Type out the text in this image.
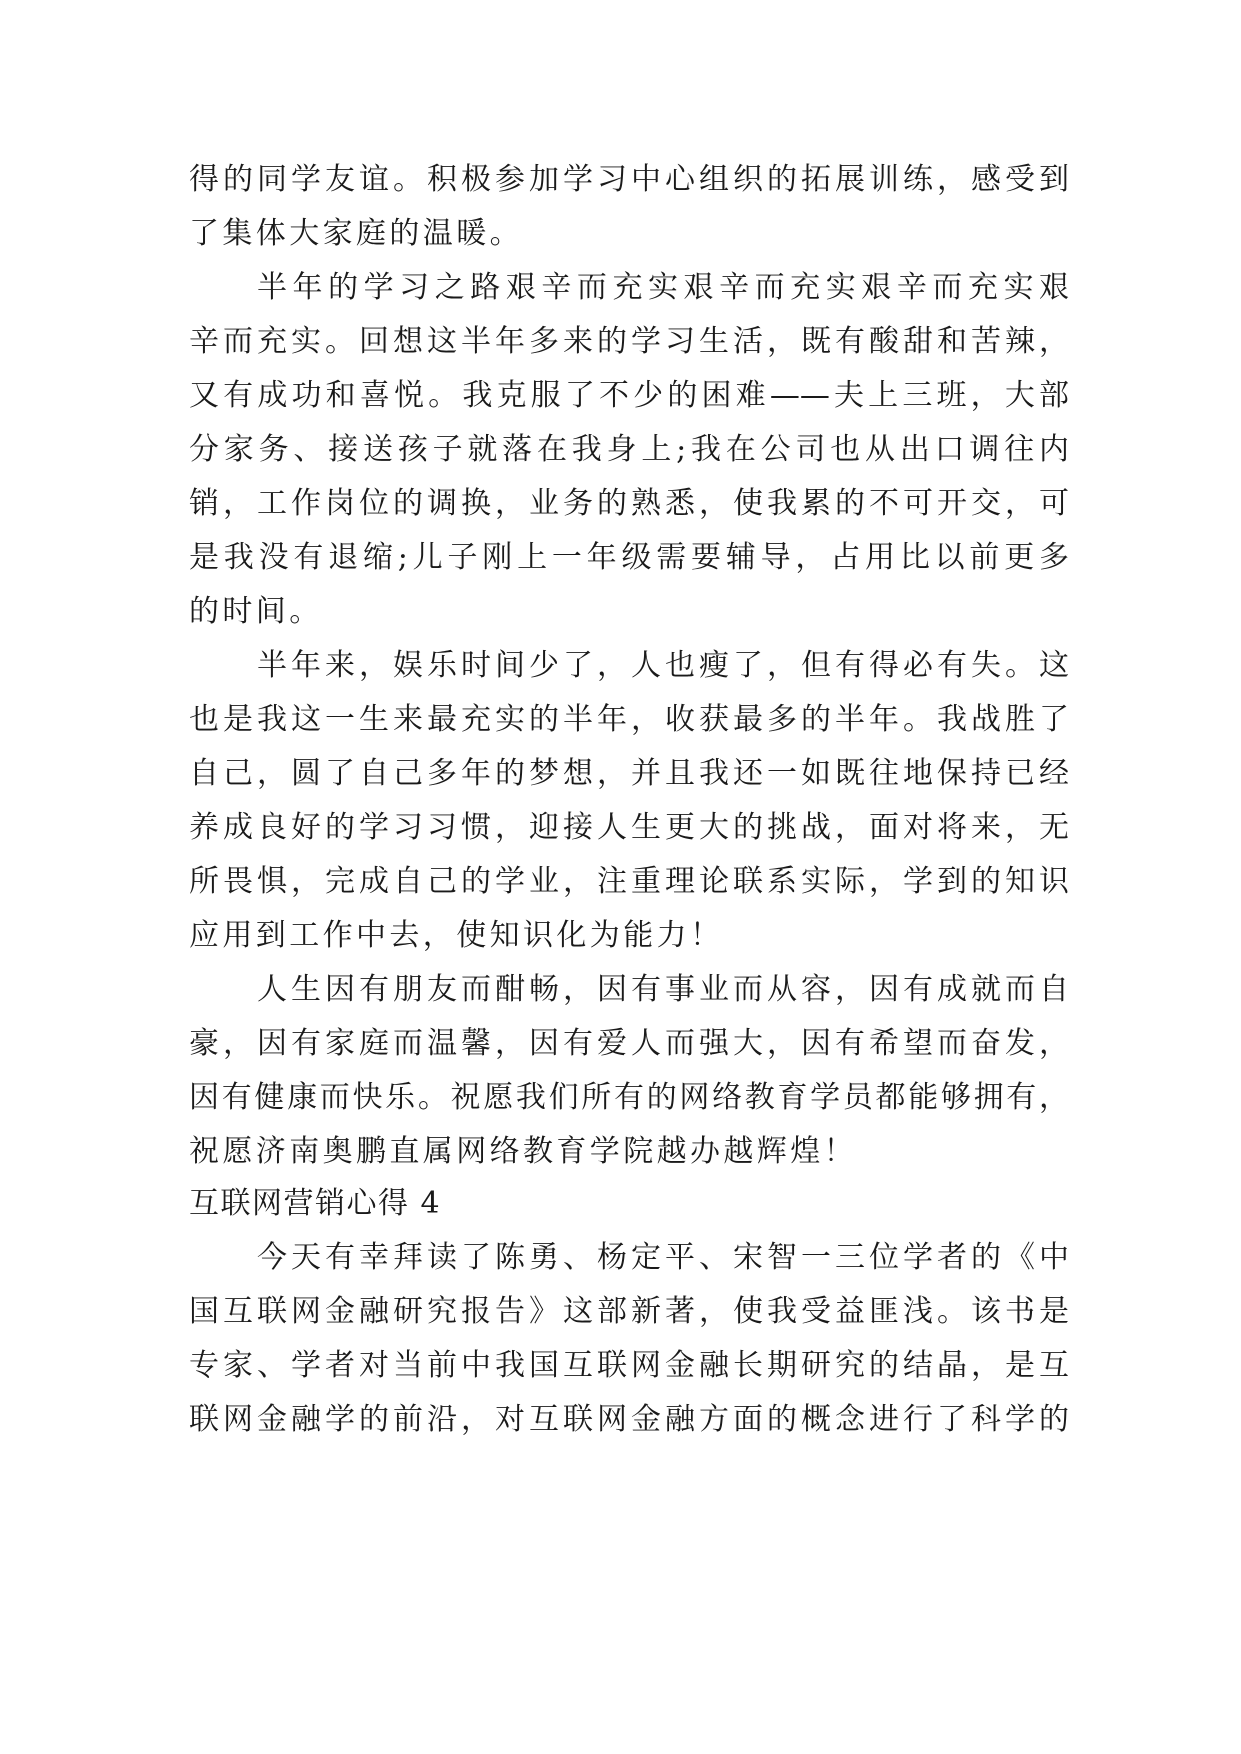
得的同学友谊。积极参加学习中心组织的拓展训练，感受到
了集体大家庭的温暖。
半年的学习之路艰辛而充实艰辛而充实艰辛而充实艰
辛而充实。回想这半年多来的学习生活，既有酸甜和苦辣，
又有成功和喜悦。我克服了不少的困难——夫上三班，大部
分家务、接送孩子就落在我身上;我在公司也从出口调往内
销，工作岗位的调换，业务的熟悉，使我累的不可开交，可
是我没有退缩;儿子刚上一年级需要辅导，占用比以前更多
的时间。
半年来，娱乐时间少了，人也瘦了，但有得必有失。这
也是我这一生来最充实的半年，收获最多的半年。我战胜了
自己，圆了自己多年的梦想，并且我还一如既往地保持已经
养成良好的学习习惯，迎接人生更大的挑战，面对将来，无
所畏惧，完成自己的学业，注重理论联系实际，学到的知识
应用到工作中去，使知识化为能力！
人生因有朋友而酣畅，因有事业而从容，因有成就而自
豪，因有家庭而温馨，因有爱人而强大，因有希望而奋发，
因有健康而快乐。祝愿我们所有的网络教育学员都能够拥有，
祝愿济南奥鹏直属网络教育学院越办越辉煌！
互联网营销心得 4
今天有幸拜读了陈勇、杨定平、宋智一三位学者的《中
国互联网金融研究报告》这部新著，使我受益匪浅。该书是
专家、学者对当前中我国互联网金融长期研究的结晶，是互
联网金融学的前沿，对互联网金融方面的概念进行了科学的
